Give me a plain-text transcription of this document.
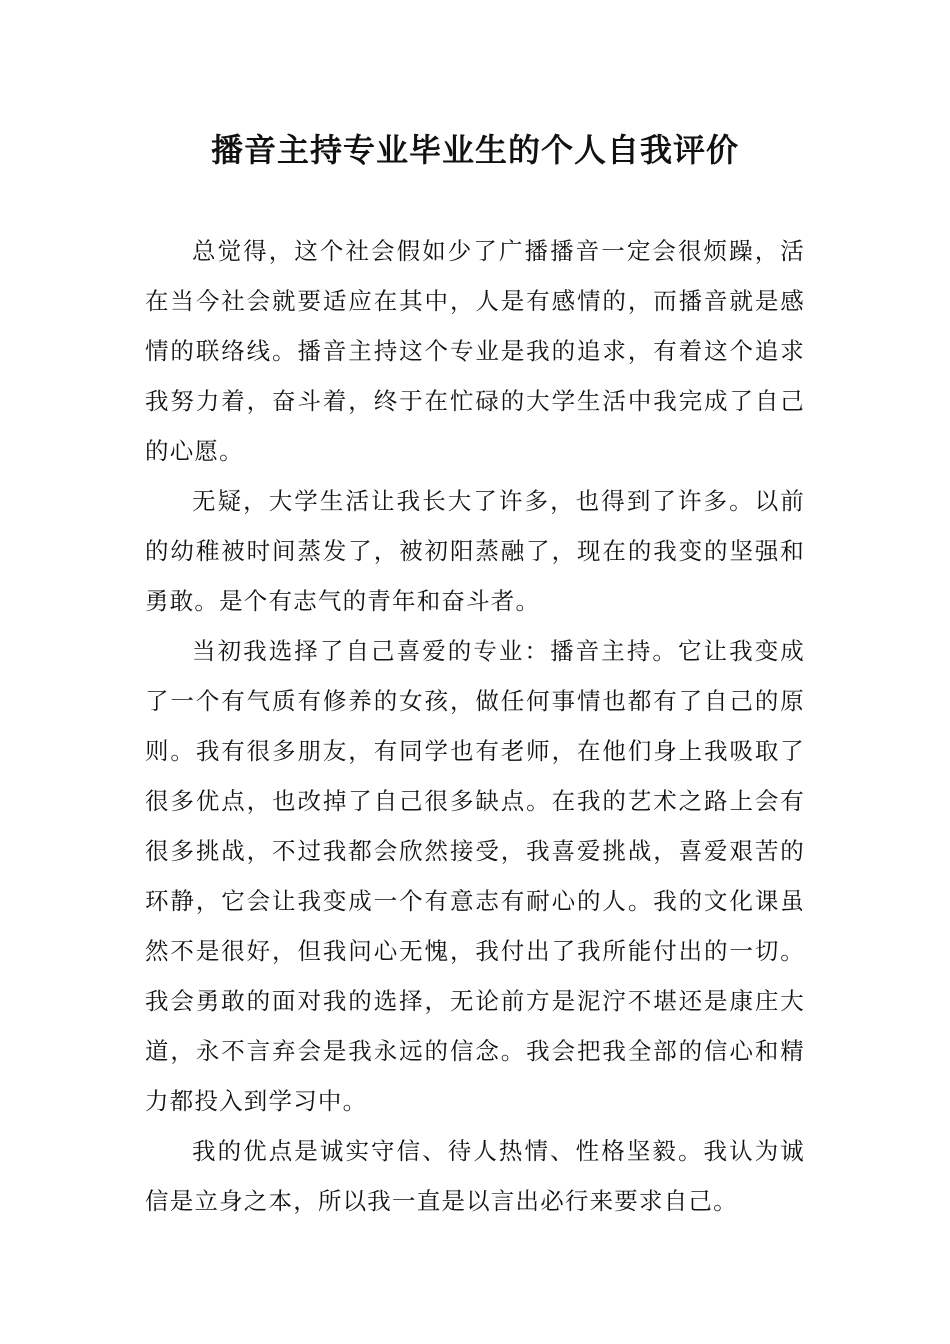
播音主持专业毕业生的个人自我评价

总觉得，这个社会假如少了广播播音一定会很烦躁，活在当今社会就要适应在其中，人是有感情的，而播音就是感情的联络线。播音主持这个专业是我的追求，有着这个追求我努力着，奋斗着，终于在忙碌的大学生活中我完成了自己的心愿。

无疑，大学生活让我长大了许多，也得到了许多。以前的幼稚被时间蒸发了，被初阳蒸融了，现在的我变的坚强和勇敢。是个有志气的青年和奋斗者。

当初我选择了自己喜爱的专业：播音主持。它让我变成了一个有气质有修养的女孩，做任何事情也都有了自己的原则。我有很多朋友，有同学也有老师，在他们身上我吸取了很多优点，也改掉了自己很多缺点。在我的艺术之路上会有很多挑战，不过我都会欣然接受，我喜爱挑战，喜爱艰苦的环静，它会让我变成一个有意志有耐心的人。我的文化课虽然不是很好，但我问心无愧，我付出了我所能付出的一切。我会勇敢的面对我的选择，无论前方是泥泞不堪还是康庄大道，永不言弃会是我永远的信念。我会把我全部的信心和精力都投入到学习中。

我的优点是诚实守信、待人热情、性格坚毅。我认为诚信是立身之本，所以我一直是以言出必行来要求自己。
